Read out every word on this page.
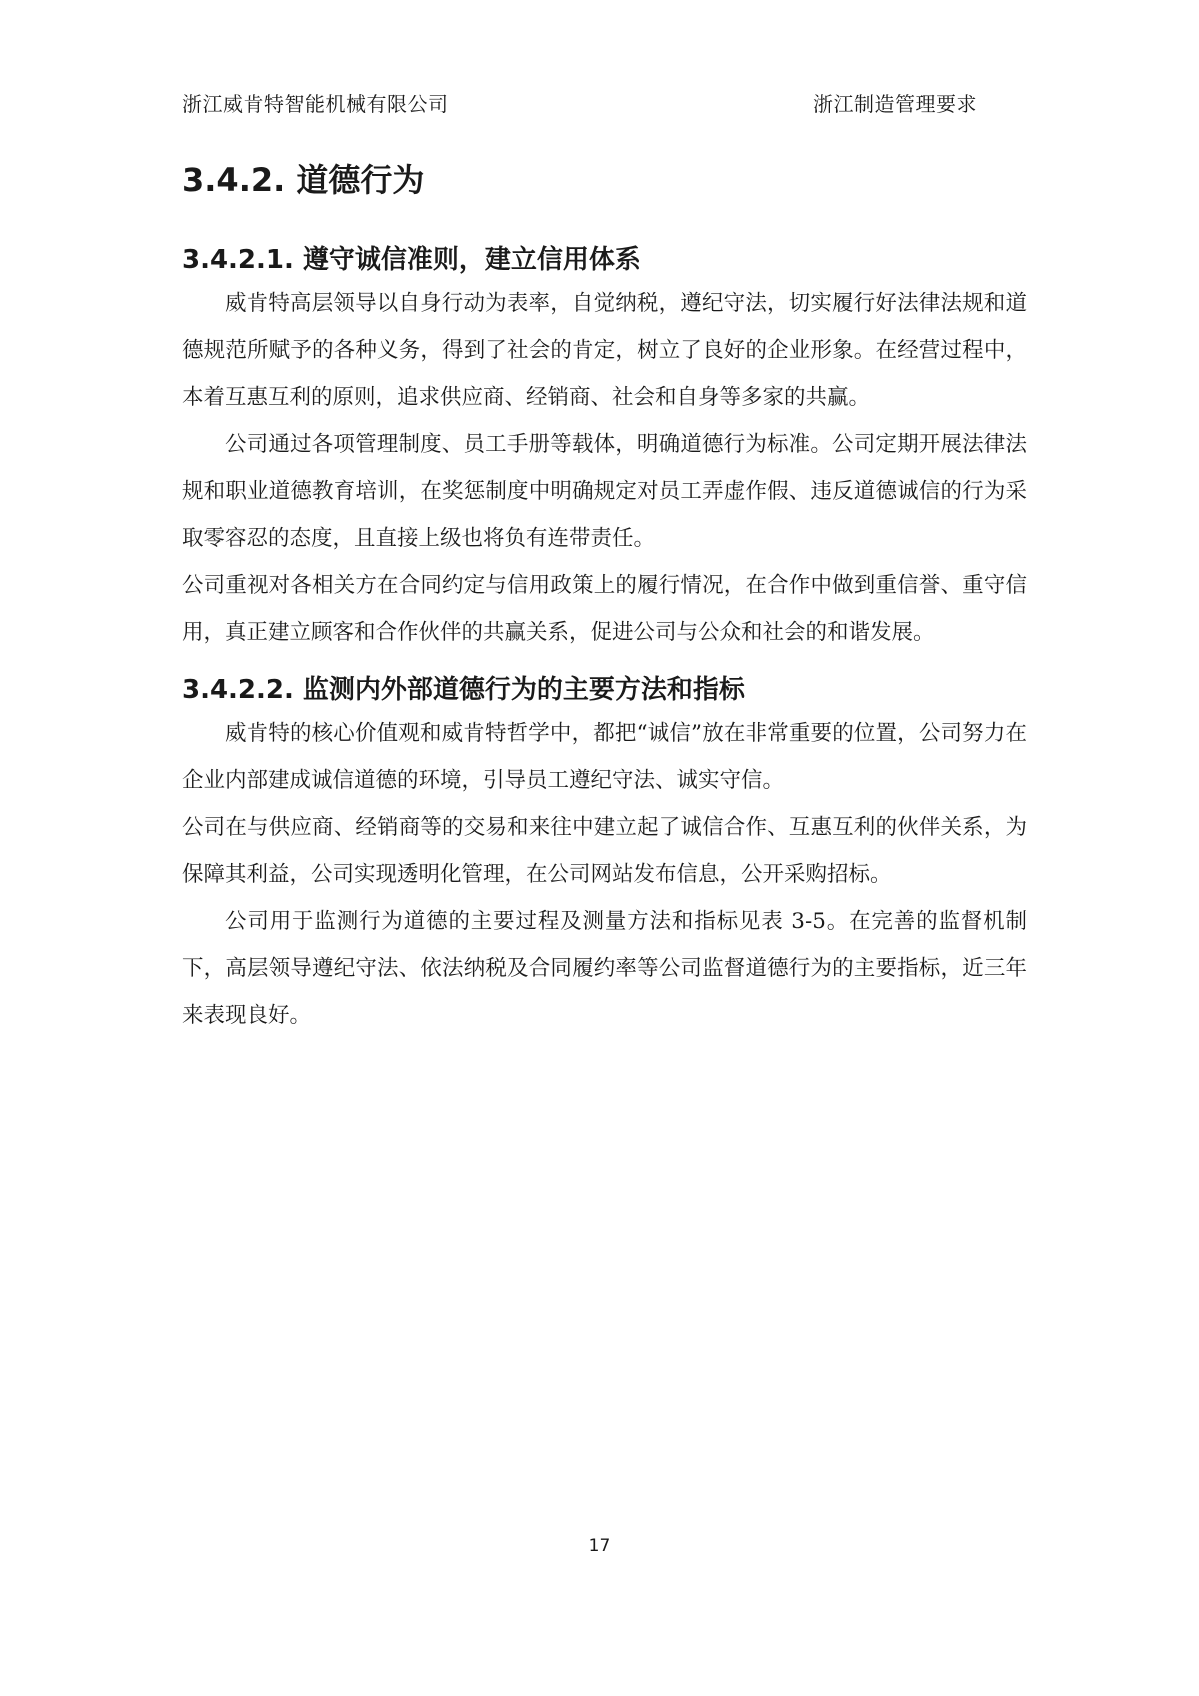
浙江威肯特智能机械有限公司	浙江制造管理要求
3.4.2. 道德行为
3.4.2.1. 遵守诚信准则，建立信用体系

威肯特高层领导以自身行动为表率，自觉纳税，遵纪守法，切实履行好法律法规和道德规范所赋予的各种义务，得到了社会的肯定，树立了良好的企业形象。在经营过程中，本着互惠互利的原则，追求供应商、经销商、社会和自身等多家的共赢。

公司通过各项管理制度、员工手册等载体，明确道德行为标准。公司定期开展法律法规和职业道德教育培训，在奖惩制度中明确规定对员工弄虚作假、违反道德诚信的行为采取零容忍的态度，且直接上级也将负有连带责任。

公司重视对各相关方在合同约定与信用政策上的履行情况，在合作中做到重信誉、重守信用，真正建立顾客和合作伙伴的共赢关系，促进公司与公众和社会的和谐发展。

3.4.2.2. 监测内外部道德行为的主要方法和指标

威肯特的核心价值观和威肯特哲学中，都把“诚信”放在非常重要的位置，公司努力在企业内部建成诚信道德的环境，引导员工遵纪守法、诚实守信。

公司在与供应商、经销商等的交易和来往中建立起了诚信合作、互惠互利的伙伴关系，为保障其利益，公司实现透明化管理，在公司网站发布信息，公开采购招标。

公司用于监测行为道德的主要过程及测量方法和指标见表 3-5。在完善的监督机制下，高层领导遵纪守法、依法纳税及合同履约率等公司监督道德行为的主要指标，近三年来表现良好。

17
